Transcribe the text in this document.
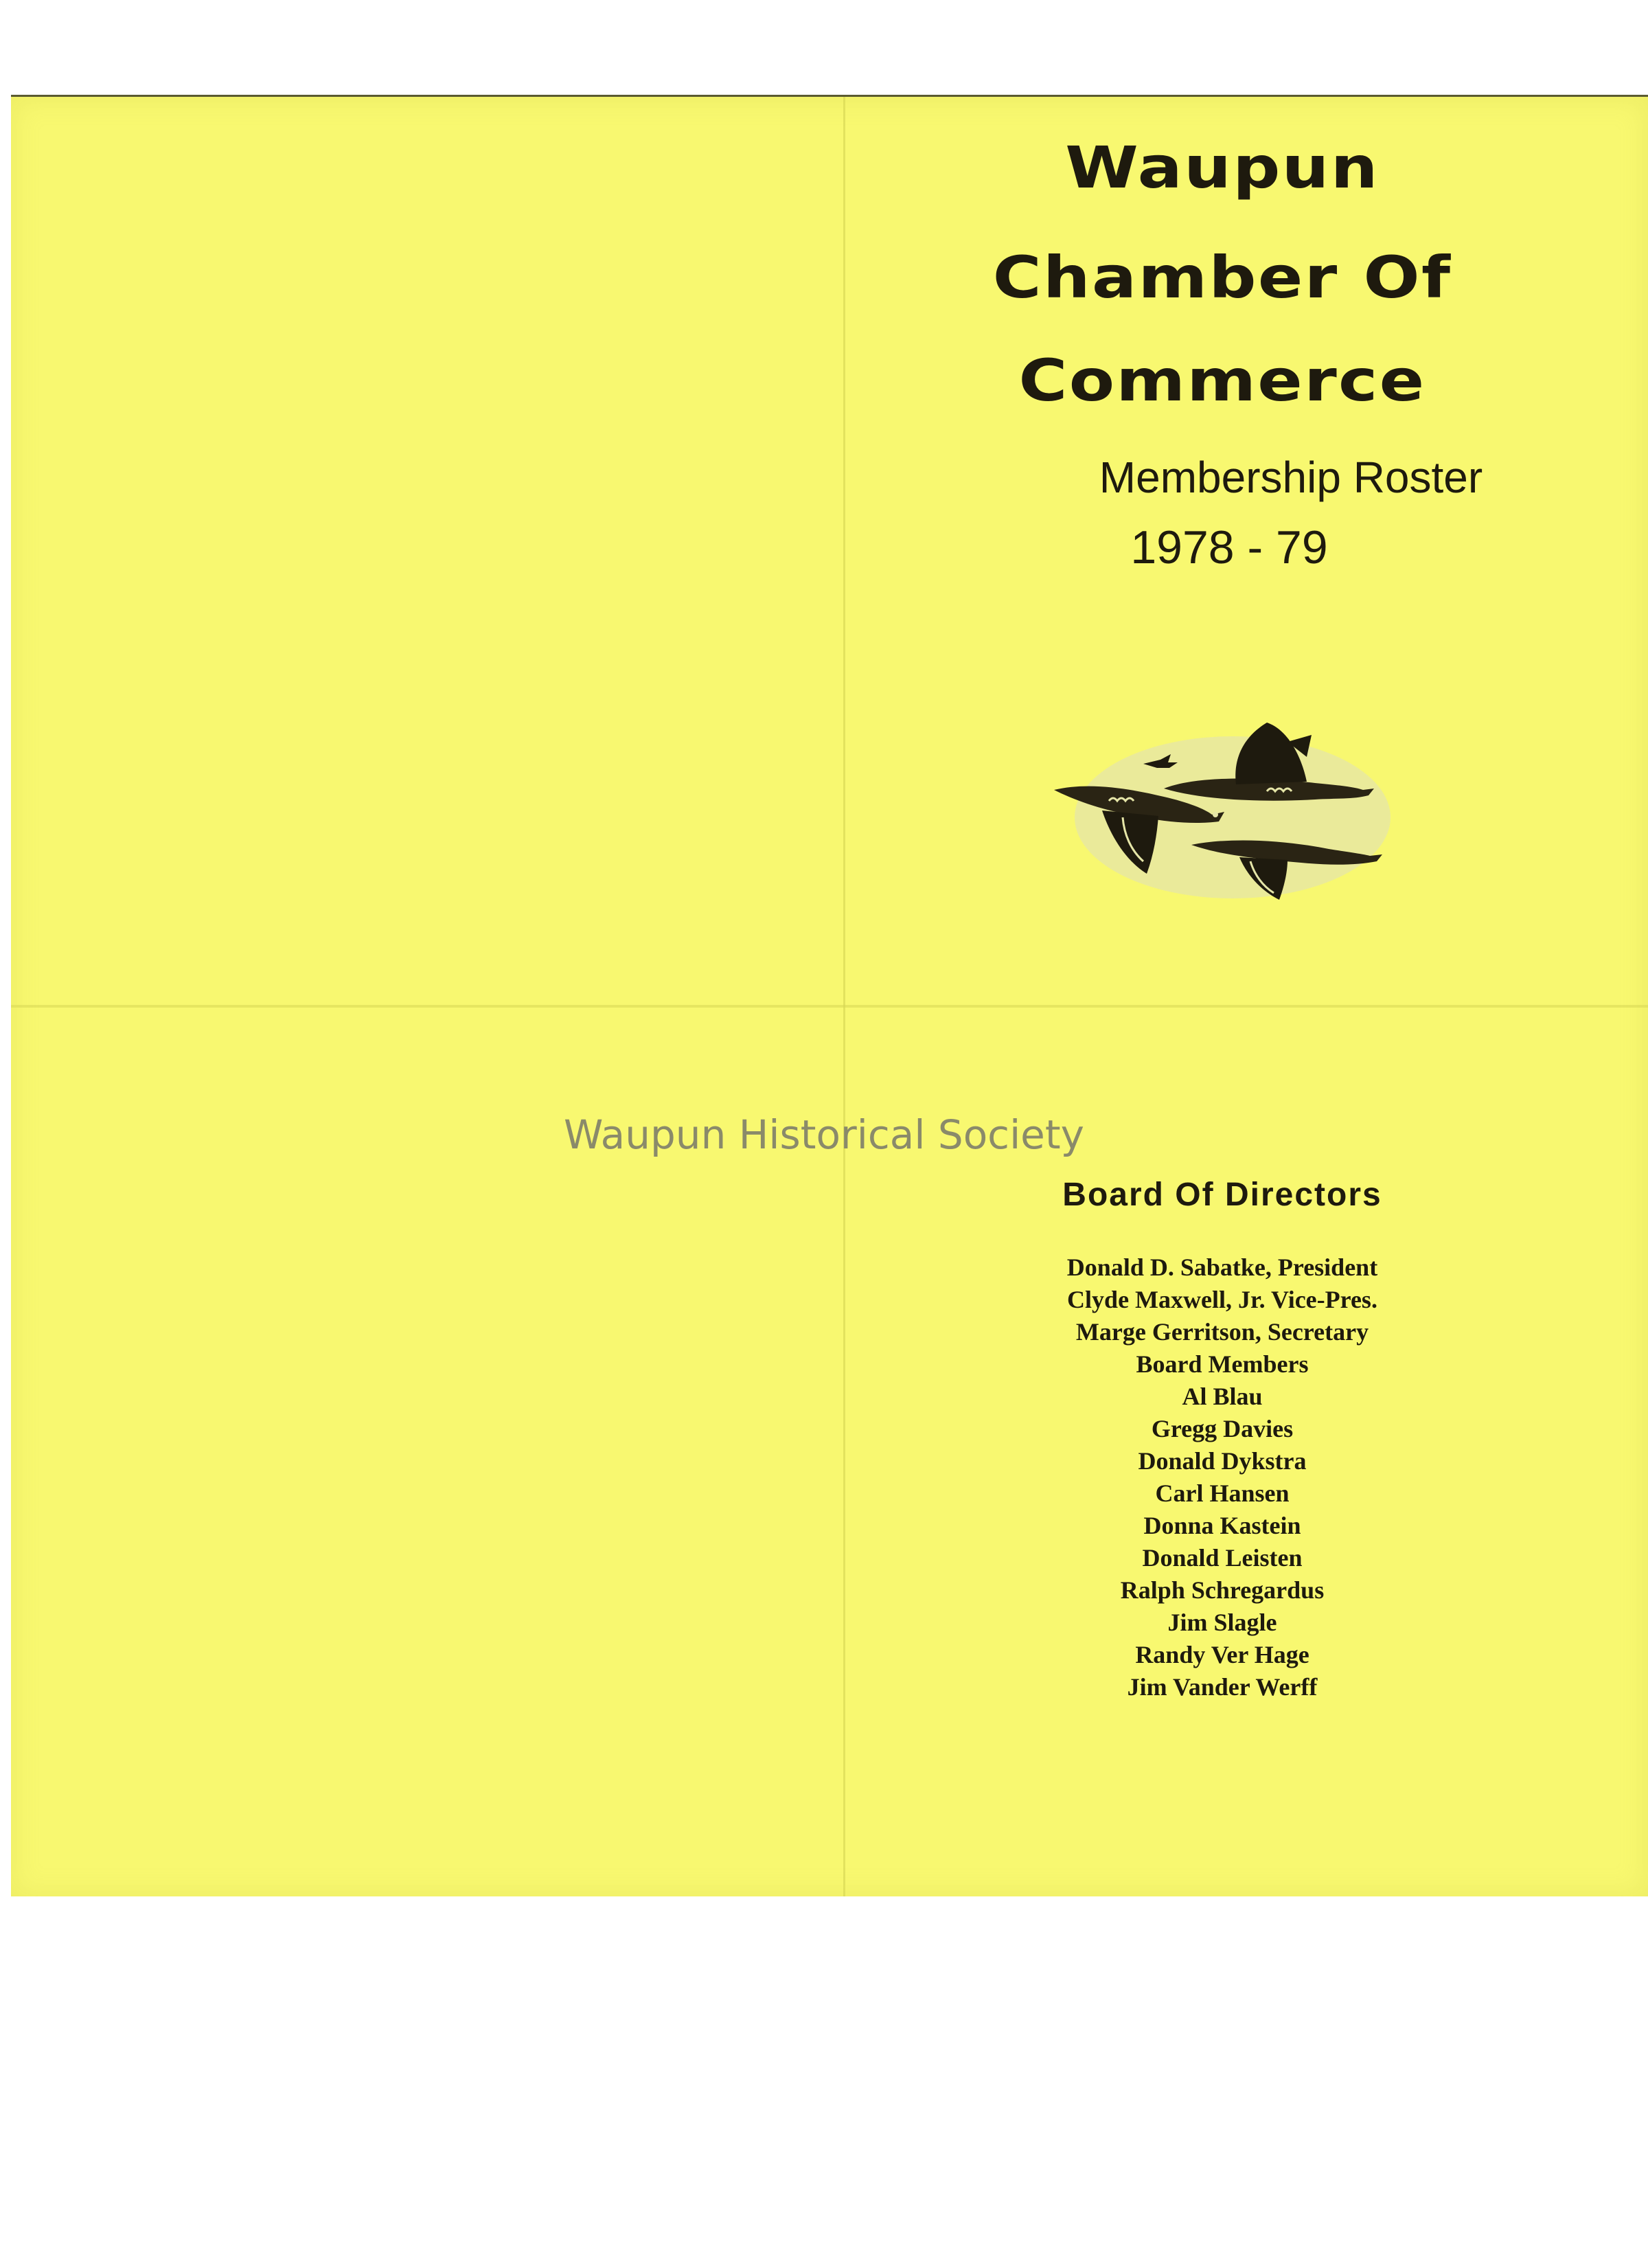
Waupun
Chamber Of
Commerce
Membership Roster
1978 - 79
Waupun Historical Society
Board Of Directors
Donald D. Sabatke, President
Clyde Maxwell, Jr. Vice-Pres.
Marge Gerritson, Secretary
Board Members
Al Blau
Gregg Davies
Donald Dykstra
Carl Hansen
Donna Kastein
Donald Leisten
Ralph Schregardus
Jim Slagle
Randy Ver Hage
Jim Vander Werff
